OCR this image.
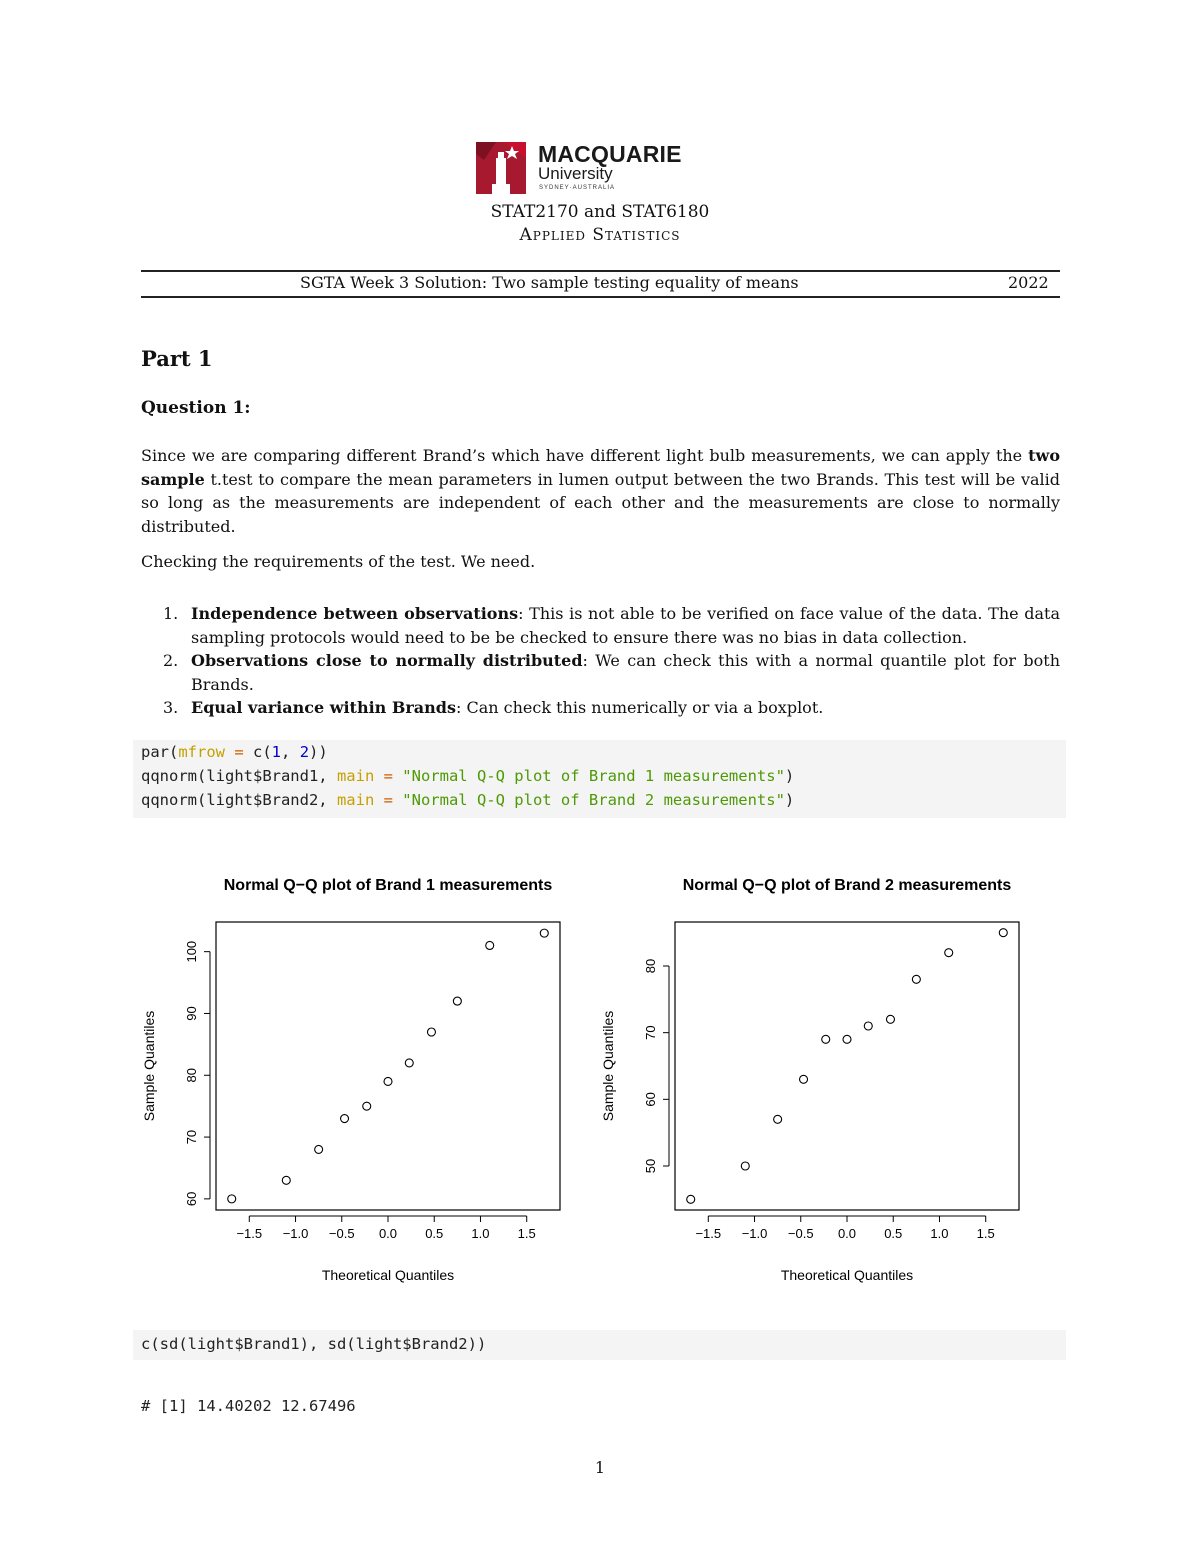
MACQUARIE
University
SYDNEY·AUSTRALIA
STAT2170 and STAT6180
Applied Statistics
SGTA Week 3 Solution: Two sample testing equality of means	2022
Part 1
Question 1:
Since we are comparing different Brand’s which have different light bulb measurements, we can apply the two sample t.test to compare the mean parameters in lumen output between the two Brands. This test will be valid so long as the measurements are independent of each other and the measurements are close to normally distributed.
Checking the requirements of the test. We need.
1. Independence between observations: This is not able to be verified on face value of the data. The data sampling protocols would need to be be checked to ensure there was no bias in data collection.
2. Observations close to normally distributed: We can check this with a normal quantile plot for both Brands.
3. Equal variance within Brands: Can check this numerically or via a boxplot.
par(mfrow = c(1, 2))
qqnorm(light$Brand1, main = "Normal Q-Q plot of Brand 1 measurements")
qqnorm(light$Brand2, main = "Normal Q-Q plot of Brand 2 measurements")
Normal Q−Q plot of Brand 1 measurements
−1.5 −1.0 −0.5 0.0 0.5 1.0 1.5
Theoretical Quantiles
60
70
80
90
100
Sample Quantiles
Normal Q−Q plot of Brand 2 measurements
−1.5 −1.0 −0.5 0.0 0.5 1.0 1.5
Theoretical Quantiles
50
60
70
80
Sample Quantiles
c(sd(light$Brand1), sd(light$Brand2))
# [1] 14.40202 12.67496
1
